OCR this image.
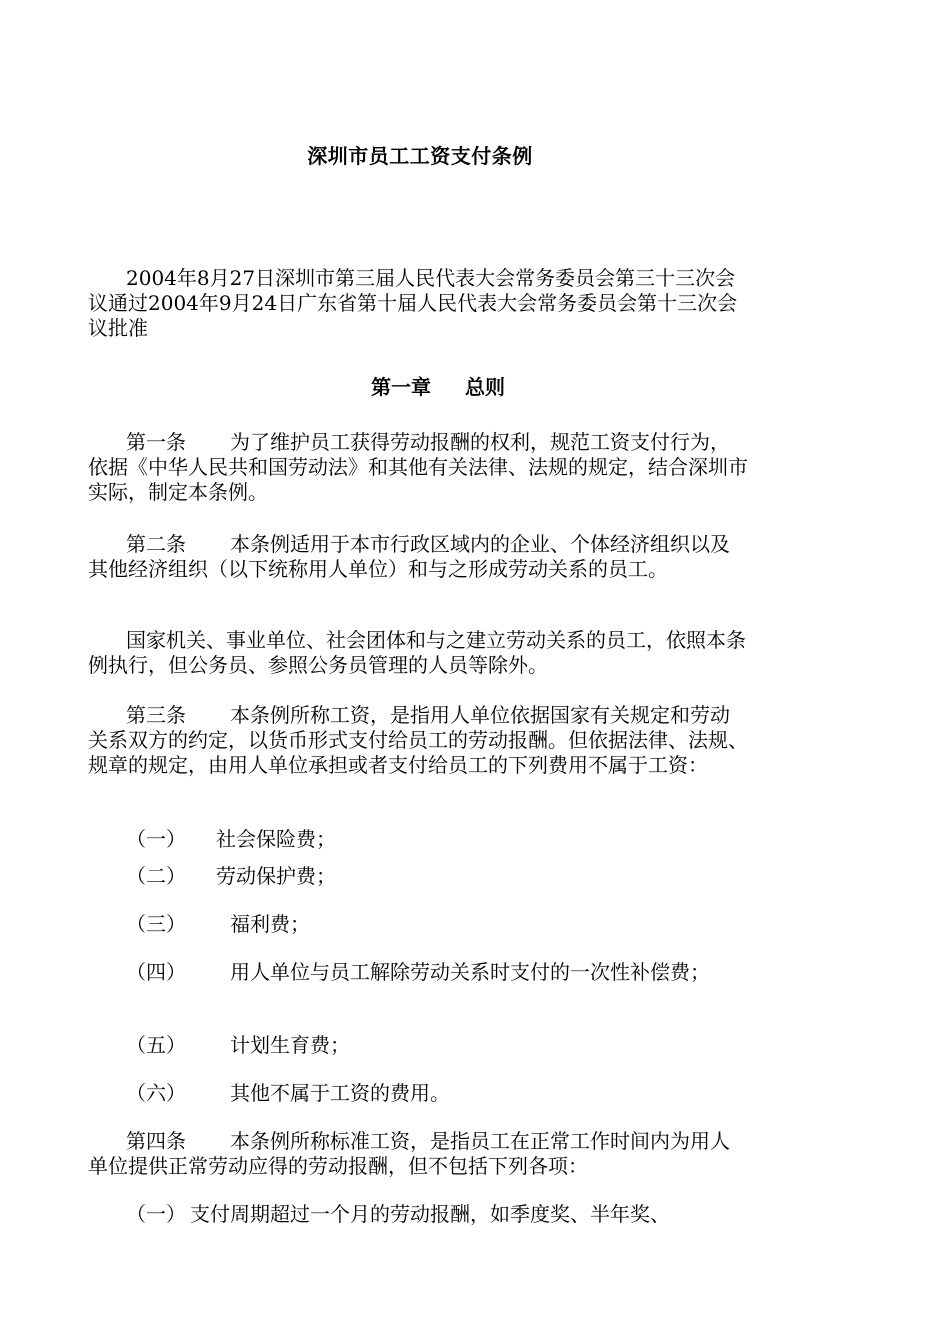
深圳市员工工资支付条例
2004年8月27日深圳市第三届人民代表大会常务委员会第三十三次会议通过2004年9月24日广东省第十届人民代表大会常务委员会第十三次会议批准
第一章 总则
第一条 为了维护员工获得劳动报酬的权利，规范工资支付行为，依据《中华人民共和国劳动法》和其他有关法律、法规的规定，结合深圳市实际，制定本条例。
第二条 本条例适用于本市行政区域内的企业、个体经济组织以及其他经济组织（以下统称用人单位）和与之形成劳动关系的员工。
国家机关、事业单位、社会团体和与之建立劳动关系的员工，依照本条例执行，但公务员、参照公务员管理的人员等除外。
第三条 本条例所称工资，是指用人单位依据国家有关规定和劳动关系双方的约定，以货币形式支付给员工的劳动报酬。但依据法律、法规、规章的规定，由用人单位承担或者支付给员工的下列费用不属于工资：
（一） 社会保险费；
（二） 劳动保护费；
（三） 福利费；
（四） 用人单位与员工解除劳动关系时支付的一次性补偿费；
（五） 计划生育费；
（六） 其他不属于工资的费用。
第四条 本条例所称标准工资，是指员工在正常工作时间内为用人单位提供正常劳动应得的劳动报酬，但不包括下列各项：
（一） 支付周期超过一个月的劳动报酬，如季度奖、半年奖、
